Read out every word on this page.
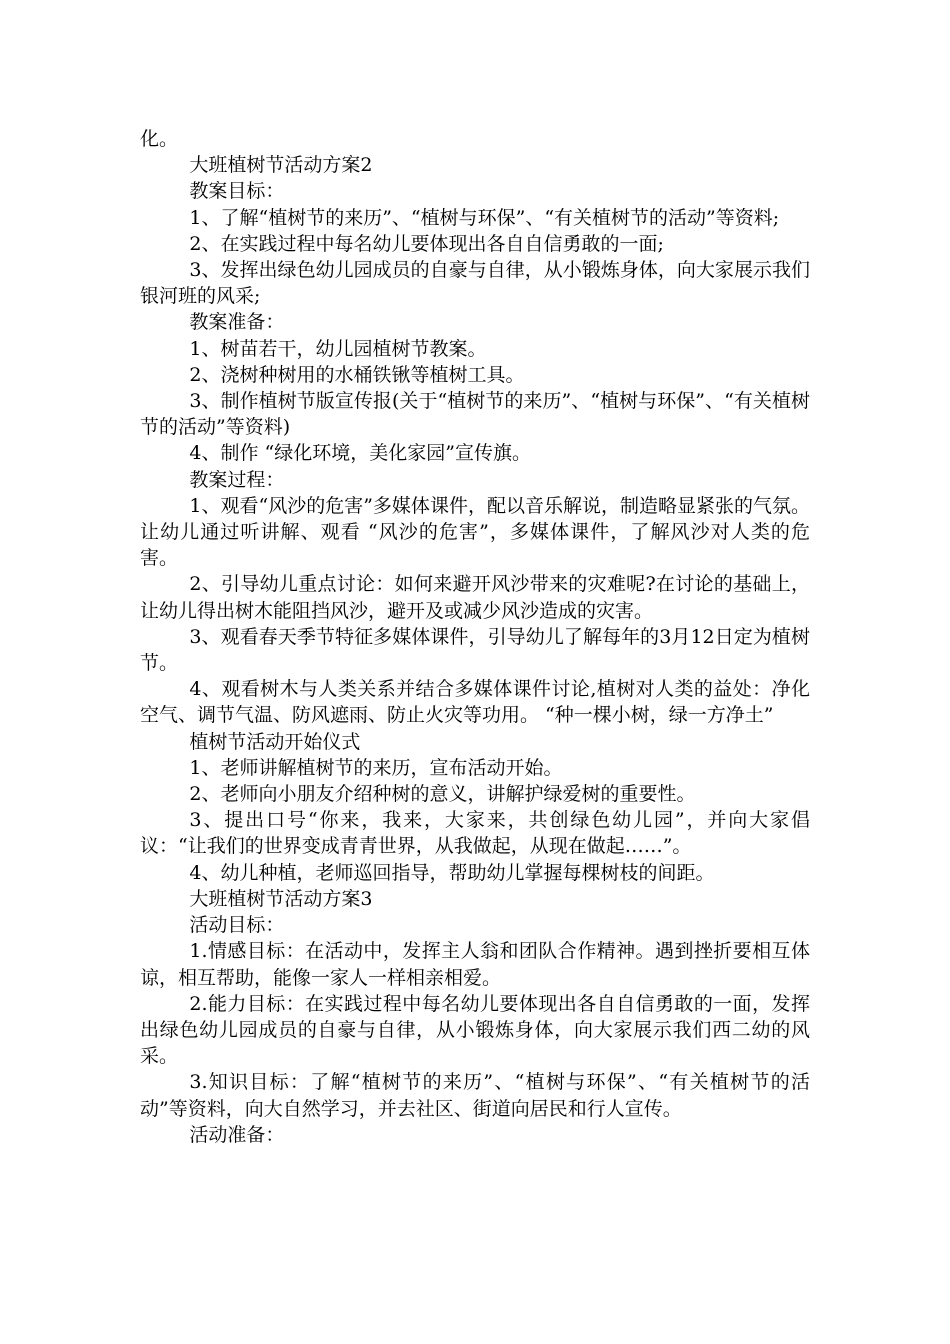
化。

大班植树节活动方案2

教案目标：

1、了解“植树节的来历”、“植树与环保”、“有关植树节的活动”等资料;

2、在实践过程中每名幼儿要体现出各自自信勇敢的一面;

3、发挥出绿色幼儿园成员的自豪与自律，从小锻炼身体，向大家展示我们银河班的风采;

教案准备：

1、树苗若干，幼儿园植树节教案。

2、浇树种树用的水桶铁锹等植树工具。

3、制作植树节版宣传报(关于“植树节的来历”、“植树与环保”、“有关植树节的活动”等资料)

4、制作 “绿化环境，美化家园”宣传旗。

教案过程：

1、观看“风沙的危害”多媒体课件，配以音乐解说，制造略显紧张的气氛。让幼儿通过听讲解、观看 “风沙的危害”，多媒体课件，了解风沙对人类的危害。

2、引导幼儿重点讨论：如何来避开风沙带来的灾难呢?在讨论的基础上，让幼儿得出树木能阻挡风沙，避开及或减少风沙造成的灾害。

3、观看春天季节特征多媒体课件，引导幼儿了解每年的3月12日定为植树节。

4、观看树木与人类关系并结合多媒体课件讨论,植树对人类的益处：净化空气、调节气温、防风遮雨、防止火灾等功用。 “种一棵小树，绿一方净土”

植树节活动开始仪式

1、老师讲解植树节的来历，宣布活动开始。

2、老师向小朋友介绍种树的意义，讲解护绿爱树的重要性。

3、提出口号“你来，我来，大家来，共创绿色幼儿园”，并向大家倡议：“让我们的世界变成青青世界，从我做起，从现在做起……”。

4、幼儿种植，老师巡回指导，帮助幼儿掌握每棵树枝的间距。

大班植树节活动方案3

活动目标：

1.情感目标：在活动中，发挥主人翁和团队合作精神。遇到挫折要相互体谅，相互帮助，能像一家人一样相亲相爱。

2.能力目标：在实践过程中每名幼儿要体现出各自自信勇敢的一面，发挥出绿色幼儿园成员的自豪与自律，从小锻炼身体，向大家展示我们西二幼的风采。

3.知识目标：了解“植树节的来历”、“植树与环保”、“有关植树节的活动”等资料，向大自然学习，并去社区、街道向居民和行人宣传。

活动准备：
